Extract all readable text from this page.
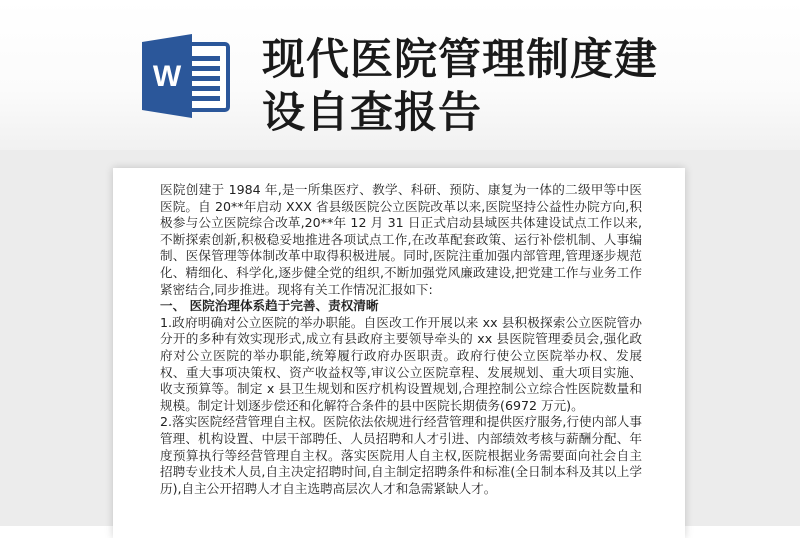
W 现代医院管理制度建设自查报告

医院创建于 1984 年,是一所集医疗、教学、科研、预防、康复为一体的二级甲等中医医院。自 20**年启动 XXX 省县级医院公立医院改革以来,医院坚持公益性办院方向,积极参与公立医院综合改革,20**年 12 月 31 日正式启动县域医共体建设试点工作以来,不断探索创新,积极稳妥地推进各项试点工作,在改革配套政策、运行补偿机制、人事编制、医保管理等体制改革中取得积极进展。同时,医院注重加强内部管理,管理逐步规范化、精细化、科学化,逐步健全党的组织,不断加强党风廉政建设,把党建工作与业务工作紧密结合,同步推进。现将有关工作情况汇报如下:

一、 医院治理体系趋于完善、责权清晰

1.政府明确对公立医院的举办职能。自医改工作开展以来 xx 县积极探索公立医院管办分开的多种有效实现形式,成立有县政府主要领导牵头的 xx 县医院管理委员会,强化政府对公立医院的举办职能,统筹履行政府办医职责。政府行使公立医院举办权、发展权、重大事项决策权、资产收益权等,审议公立医院章程、发展规划、重大项目实施、收支预算等。制定 x 县卫生规划和医疗机构设置规划,合理控制公立综合性医院数量和规模。制定计划逐步偿还和化解符合条件的县中医院长期债务(6972 万元)。

2.落实医院经营管理自主权。医院依法依规进行经营管理和提供医疗服务,行使内部人事管理、机构设置、中层干部聘任、人员招聘和人才引进、内部绩效考核与薪酬分配、年度预算执行等经营管理自主权。落实医院用人自主权,医院根据业务需要面向社会自主招聘专业技术人员,自主决定招聘时间,自主制定招聘条件和标准(全日制本科及其以上学历),自主公开招聘人才自主选聘高层次人才和急需紧缺人才。
